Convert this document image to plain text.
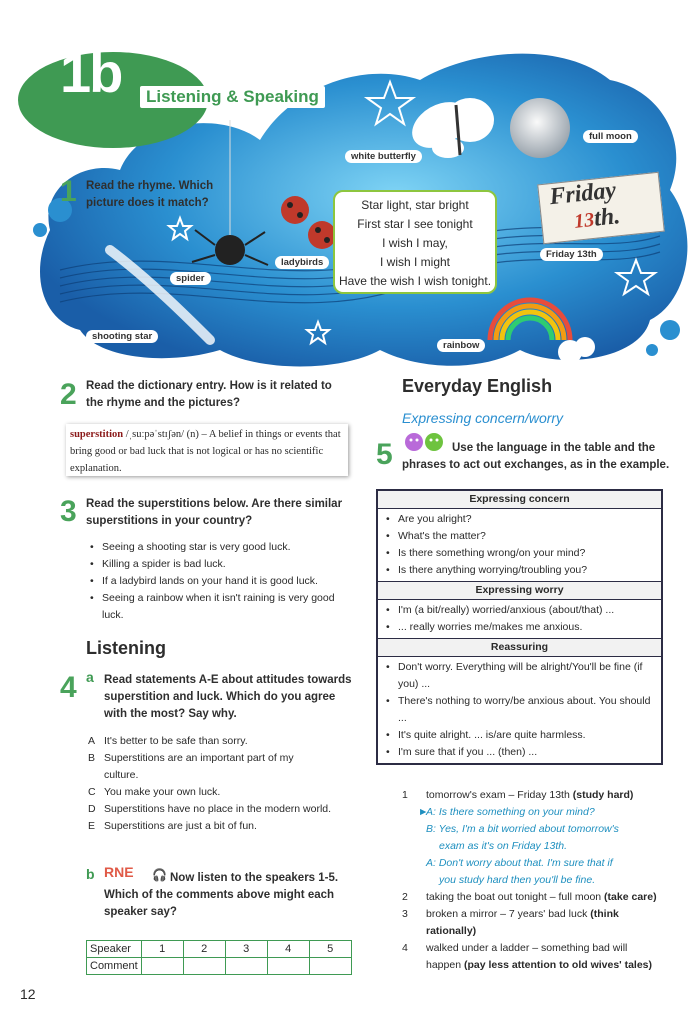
1b	Listening & Speaking
1 Read the rhyme. Which
picture does it match?	Star light, star bright
First star I see tonight
I wish I may,
I wish I might
Have the wish I wish tonight.
Friday
13th.
white butterfly
full moon
spider
ladybirds
Friday 13th
shooting star
rainbow
2 Read the dictionary entry. How is it related to
the rhyme and the pictures?
superstition /ˌsuːpəˈstɪʃən/ (n) – A belief in things or events that bring good or bad luck that is not logical or has no scientific explanation.
3 Read the superstitions below. Are there similar
superstitions in your country?
• Seeing a shooting star is very good luck.
• Killing a spider is bad luck.
• If a ladybird lands on your hand it is good luck.
• Seeing a rainbow when it isn't raining is very good luck.
Listening
4 a Read statements A-E about attitudes towards
superstition and luck. Which do you agree
with the most? Say why.
A It's better to be safe than sorry.
B Superstitions are an important part of my
culture.
C You make your own luck.
D Superstitions have no place in the modern world.
E Superstitions are just a bit of fun.
b RNE 🎧 Now listen to the speakers 1-5.
Which of the comments above might each
speaker say?
Speaker	1	2	3	4	5
Comment					
12
Everyday English
Expressing concern/worry
5	Use the language in the table and the
phrases to act out exchanges, as in the example.
Expressing concern
• Are you alright?
• What's the matter?
• Is there something wrong/on your mind?
• Is there anything worrying/troubling you?
Expressing worry
• I'm (a bit/really) worried/anxious (about/that) ...
• ... really worries me/makes me anxious.
Reassuring
• Don't worry. Everything will be alright/You'll be fine (if you) ...
• There's nothing to worry/be anxious about. You should ...
• It's quite alright. ... is/are quite harmless.
• I'm sure that if you ... (then) ...
1 tomorrow's exam – Friday 13th (study hard)
►
A: Is there something on your mind?
B: Yes, I'm a bit worried about tomorrow's
exam as it's on Friday 13th.
A: Don't worry about that. I'm sure that if
you study hard then you'll be fine.
2 taking the boat out tonight – full moon (take care)
3 broken a mirror – 7 years' bad luck (think rationally)
4 walked under a ladder – something bad will happen (pay less attention to old wives' tales)
